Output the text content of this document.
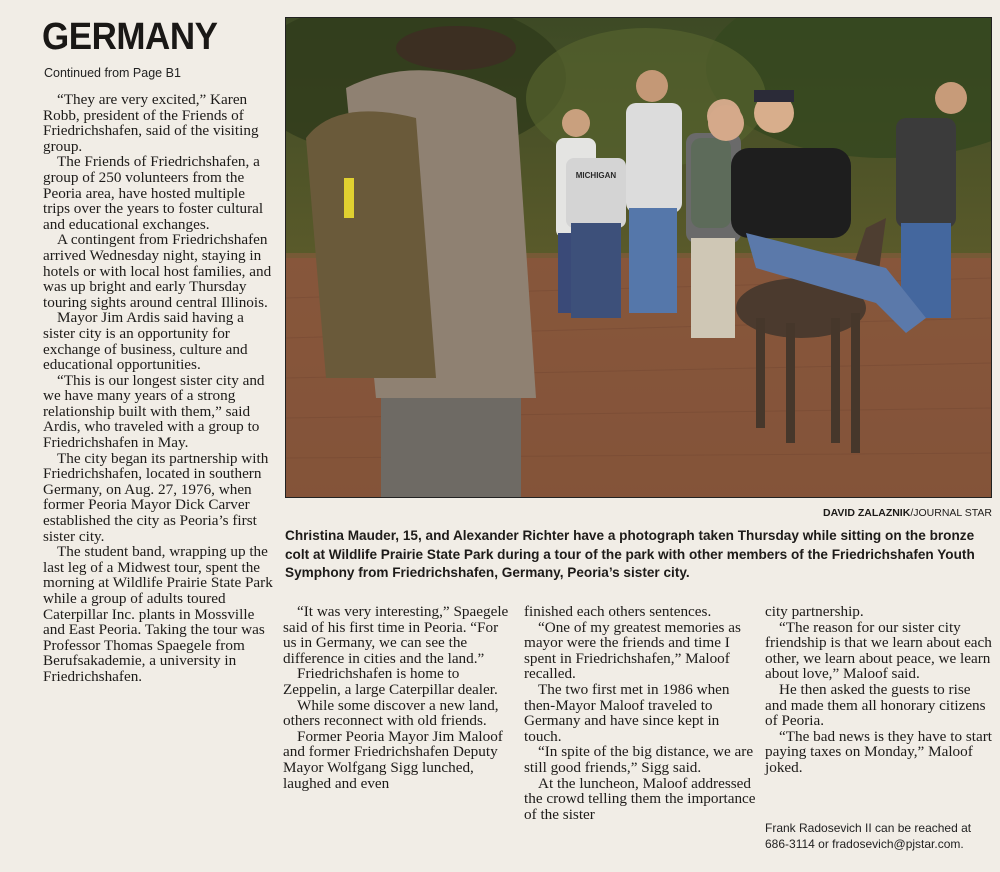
GERMANY
Continued from Page B1

“They are very excited,” Karen Robb, president of the Friends of Friedrichshafen, said of the visiting group.

The Friends of Friedrichshafen, a group of 250 volunteers from the Peoria area, have hosted multiple trips over the years to foster cultural and educational exchanges.

A contingent from Friedrichshafen arrived Wednesday night, staying in hotels or with local host families, and was up bright and early Thursday touring sights around central Illinois.

Mayor Jim Ardis said having a sister city is an opportunity for exchange of business, culture and educational opportunities.

“This is our longest sister city and we have many years of a strong relationship built with them,” said Ardis, who traveled with a group to Friedrichshafen in May.

The city began its partnership with Friedrichshafen, located in southern Germany, on Aug. 27, 1976, when former Peoria Mayor Dick Carver established the city as Peoria’s first sister city.

The student band, wrapping up the last leg of a Midwest tour, spent the morning at Wildlife Prairie State Park while a group of adults toured Caterpillar Inc. plants in Mossville and East Peoria. Taking the tour was Professor Thomas Spaegele from Berufsakademie, a university in Friedrichshafen.

MICHIGAN
DAVID ZALAZNIK/JOURNAL STAR
Christina Mauder, 15, and Alexander Richter have a photograph taken Thursday while sitting on the bronze colt at Wildlife Prairie State Park during a tour of the park with other members of the Friedrichshafen Youth Symphony from Friedrichshafen, Germany, Peoria’s sister city.

“It was very interesting,” Spaegele said of his first time in Peoria. “For us in Germany, we can see the difference in cities and the land.”

Friedrichshafen is home to Zeppelin, a large Caterpillar dealer.

While some discover a new land, others reconnect with old friends.

Former Peoria Mayor Jim Maloof and former Friedrichshafen Deputy Mayor Wolfgang Sigg lunched, laughed and even

finished each others sentences.

“One of my greatest memories as mayor were the friends and time I spent in Friedrichshafen,” Maloof recalled.

The two first met in 1986 when then-Mayor Maloof traveled to Germany and have since kept in touch.

“In spite of the big distance, we are still good friends,” Sigg said.

At the luncheon, Maloof addressed the crowd telling them the importance of the sister

city partnership.

“The reason for our sister city friendship is that we learn about each other, we learn about peace, we learn about love,” Maloof said.

He then asked the guests to rise and made them all honorary citizens of Peoria.

“The bad news is they have to start paying taxes on Monday,” Maloof joked.

Frank Radosevich II can be reached at
686-3114 or fradosevich@pjstar.com.
